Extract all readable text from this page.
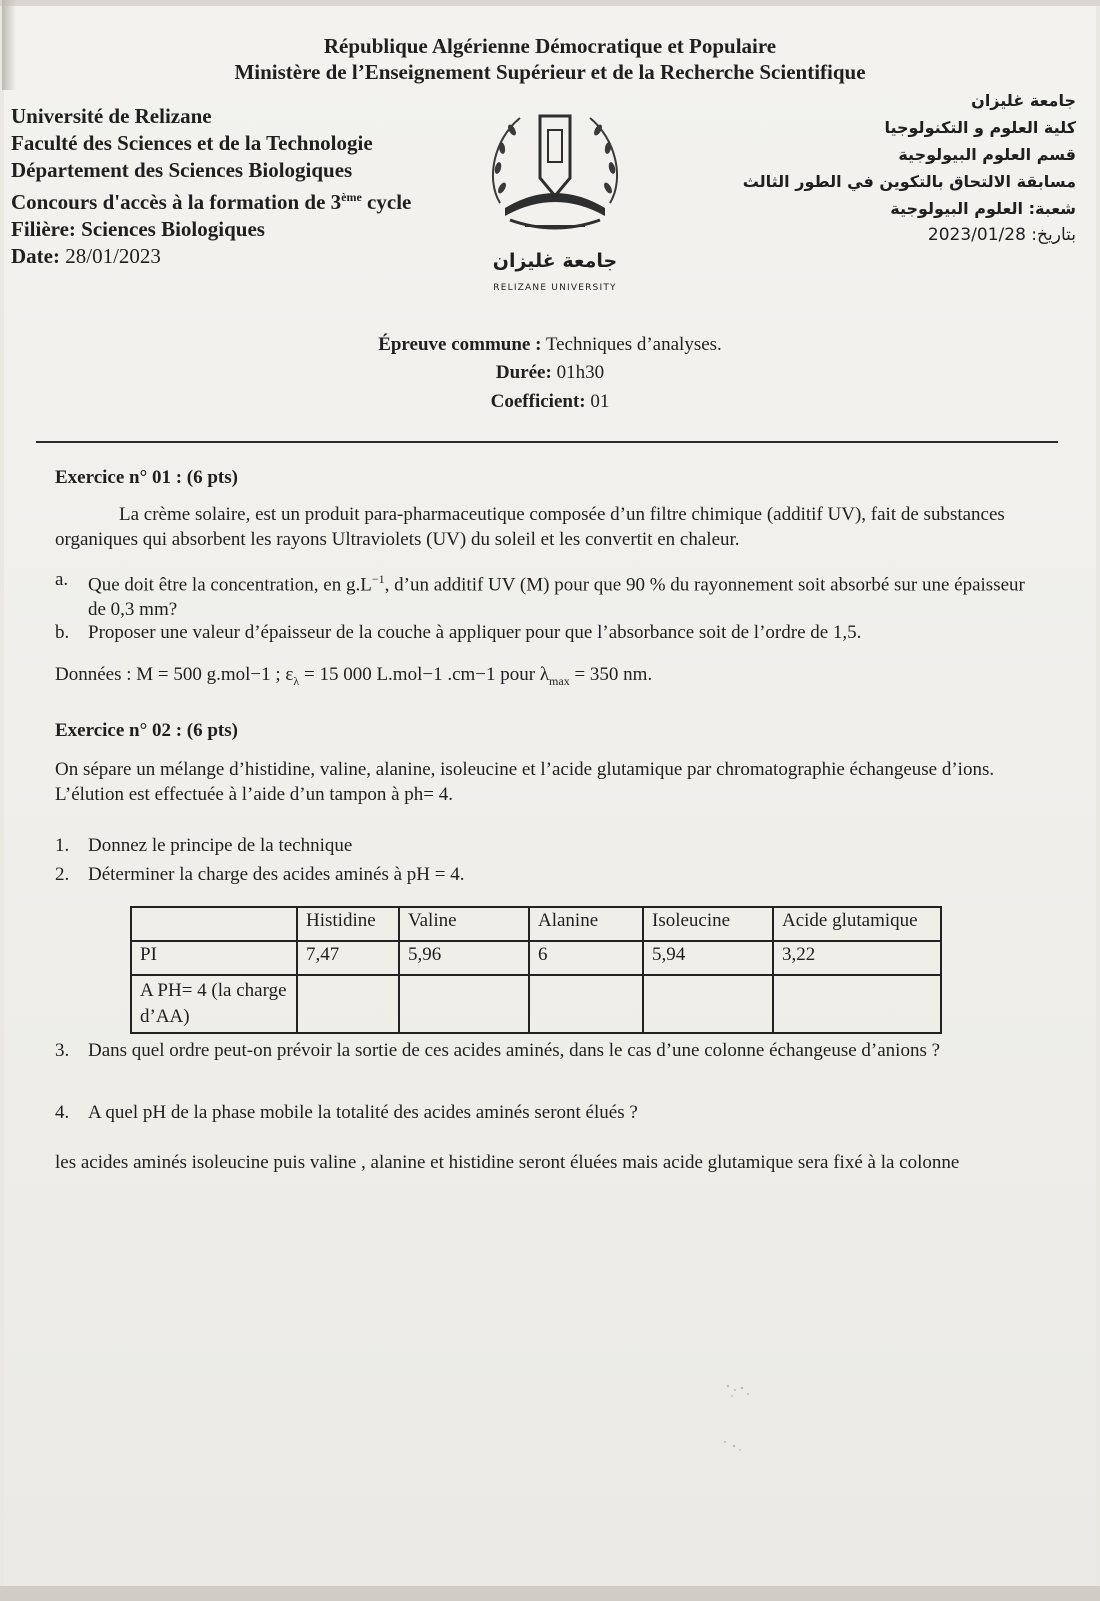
République Algérienne Démocratique et Populaire
Ministère de l’Enseignement Supérieur et de la Recherche Scientifique
Université de Relizane
Faculté des Sciences et de la Technologie
Département des Sciences Biologiques
Concours d'accès à la formation de 3ème cycle
Filière: Sciences Biologiques
Date: 28/01/2023
جامعة غليزان
كلية العلوم و التكنولوجيا
قسم العلوم البيولوجية
مسابقة الالتحاق بالتكوين في الطور الثالث
شعبة: العلوم البيولوجية
بتاريخ: 2023/01/28
جامعة غليزان
RELIZANE UNIVERSITY
Épreuve commune : Techniques d’analyses.
Durée: 01h30
Coefficient: 01
Exercice n° 01 : (6 pts)
La crème solaire, est un produit para-pharmaceutique composée d’un filtre chimique (additif UV), fait de substances organiques qui absorbent les rayons Ultraviolets (UV) du soleil et les convertit en chaleur.
a. Que doit être la concentration, en $g.L^{-1}$, d’un additif UV (M) pour que 90 % du rayonnement soit absorbé sur une épaisseur de 0,3 mm?
b. Proposer une valeur d’épaisseur de la couche à appliquer pour que l’absorbance soit de l’ordre de 1,5.
Données : M = 500 g.mol−1 ; $\varepsilon_\lambda = 15$ 000 L.mol−1 .cm−1 pour $\lambda_{max} = 350$ nm.
Exercice n° 02 : (6 pts)
On sépare un mélange d’histidine, valine, alanine, isoleucine et l’acide glutamique par chromatographie échangeuse d’ions. L’élution est effectuée à l’aide d’un tampon à ph= 4.
1. Donnez le principe de la technique
2. Déterminer la charge des acides aminés à pH = 4.
	Histidine	Valine	Alanine	Isoleucine	Acide glutamique
PI	7,47	5,96	6	5,94	3,22
A PH= 4 (la charge d’AA)					
3. Dans quel ordre peut-on prévoir la sortie de ces acides aminés, dans le cas d’une colonne échangeuse d’anions ?
4. A quel pH de la phase mobile la totalité des acides aminés seront élués ?
les acides aminés isoleucine puis valine , alanine et histidine seront éluées mais acide glutamique sera fixé à la colonne
